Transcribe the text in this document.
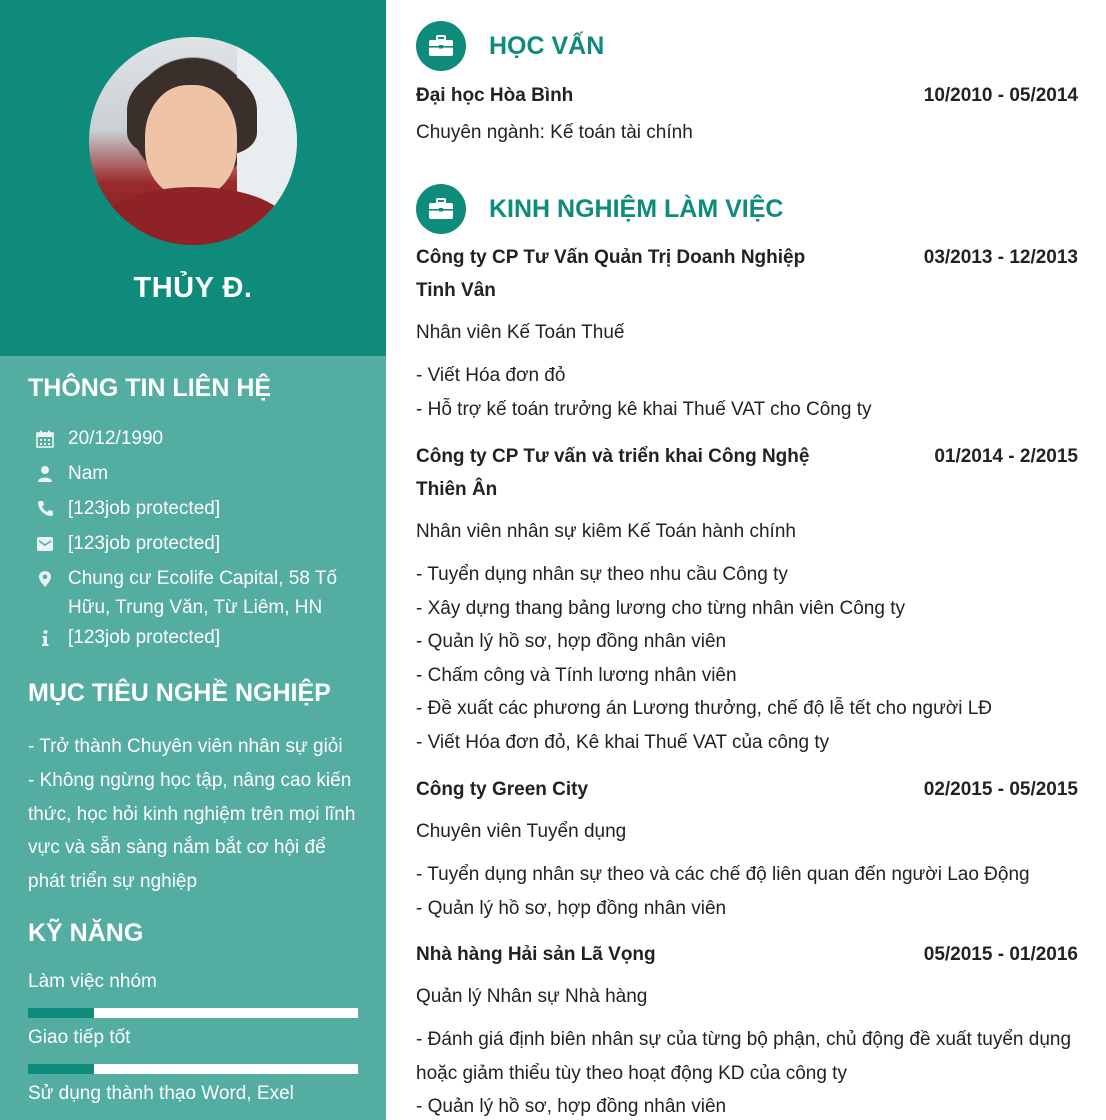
THỦY Đ.
THÔNG TIN LIÊN HỆ
20/12/1990
Nam
[123job protected]
[123job protected]
Chung cư Ecolife Capital, 58 Tố Hữu, Trung Văn, Từ Liêm, HN
[123job protected]
MỤC TIÊU NGHỀ NGHIỆP
- Trở thành Chuyên viên nhân sự giỏi
- Không ngừng học tập, nâng cao kiến thức, học hỏi kinh nghiệm trên mọi lĩnh vực và sẵn sàng nắm bắt cơ hội để phát triển sự nghiệp
KỸ NĂNG
Làm việc nhóm
Giao tiếp tốt
Sử dụng thành thạo Word, Exel
HỌC VẤN
Đại học Hòa Bình	10/2010 - 05/2014
Chuyên ngành: Kế toán tài chính
KINH NGHIỆM LÀM VIỆC
Công ty CP Tư Vấn Quản Trị Doanh Nghiệp Tinh Vân
03/2013 - 12/2013
Nhân viên Kế Toán Thuế
- Viết Hóa đơn đỏ
- Hỗ trợ kế toán trưởng kê khai Thuế VAT cho Công ty
Công ty CP Tư vấn và triển khai Công Nghệ Thiên Ân
01/2014 - 2/2015
Nhân viên nhân sự kiêm Kế Toán hành chính
- Tuyển dụng nhân sự theo nhu cầu Công ty
- Xây dựng thang bảng lương cho từng nhân viên Công ty
- Quản lý hồ sơ, hợp đồng nhân viên
- Chấm công và Tính lương nhân viên
- Đề xuất các phương án Lương thưởng, chế độ lễ tết cho người LĐ
- Viết Hóa đơn đỏ, Kê khai Thuế VAT của công ty
Công ty Green City	02/2015 - 05/2015
Chuyên viên Tuyển dụng
- Tuyển dụng nhân sự theo và các chế độ liên quan đến người Lao Động
- Quản lý hồ sơ, hợp đồng nhân viên
Nhà hàng Hải sản Lã Vọng	05/2015 - 01/2016
Quản lý Nhân sự Nhà hàng
- Đánh giá định biên nhân sự của từng bộ phận, chủ động đề xuất tuyển dụng hoặc giảm thiểu tùy theo hoạt động KD của công ty
- Quản lý hồ sơ, hợp đồng nhân viên
